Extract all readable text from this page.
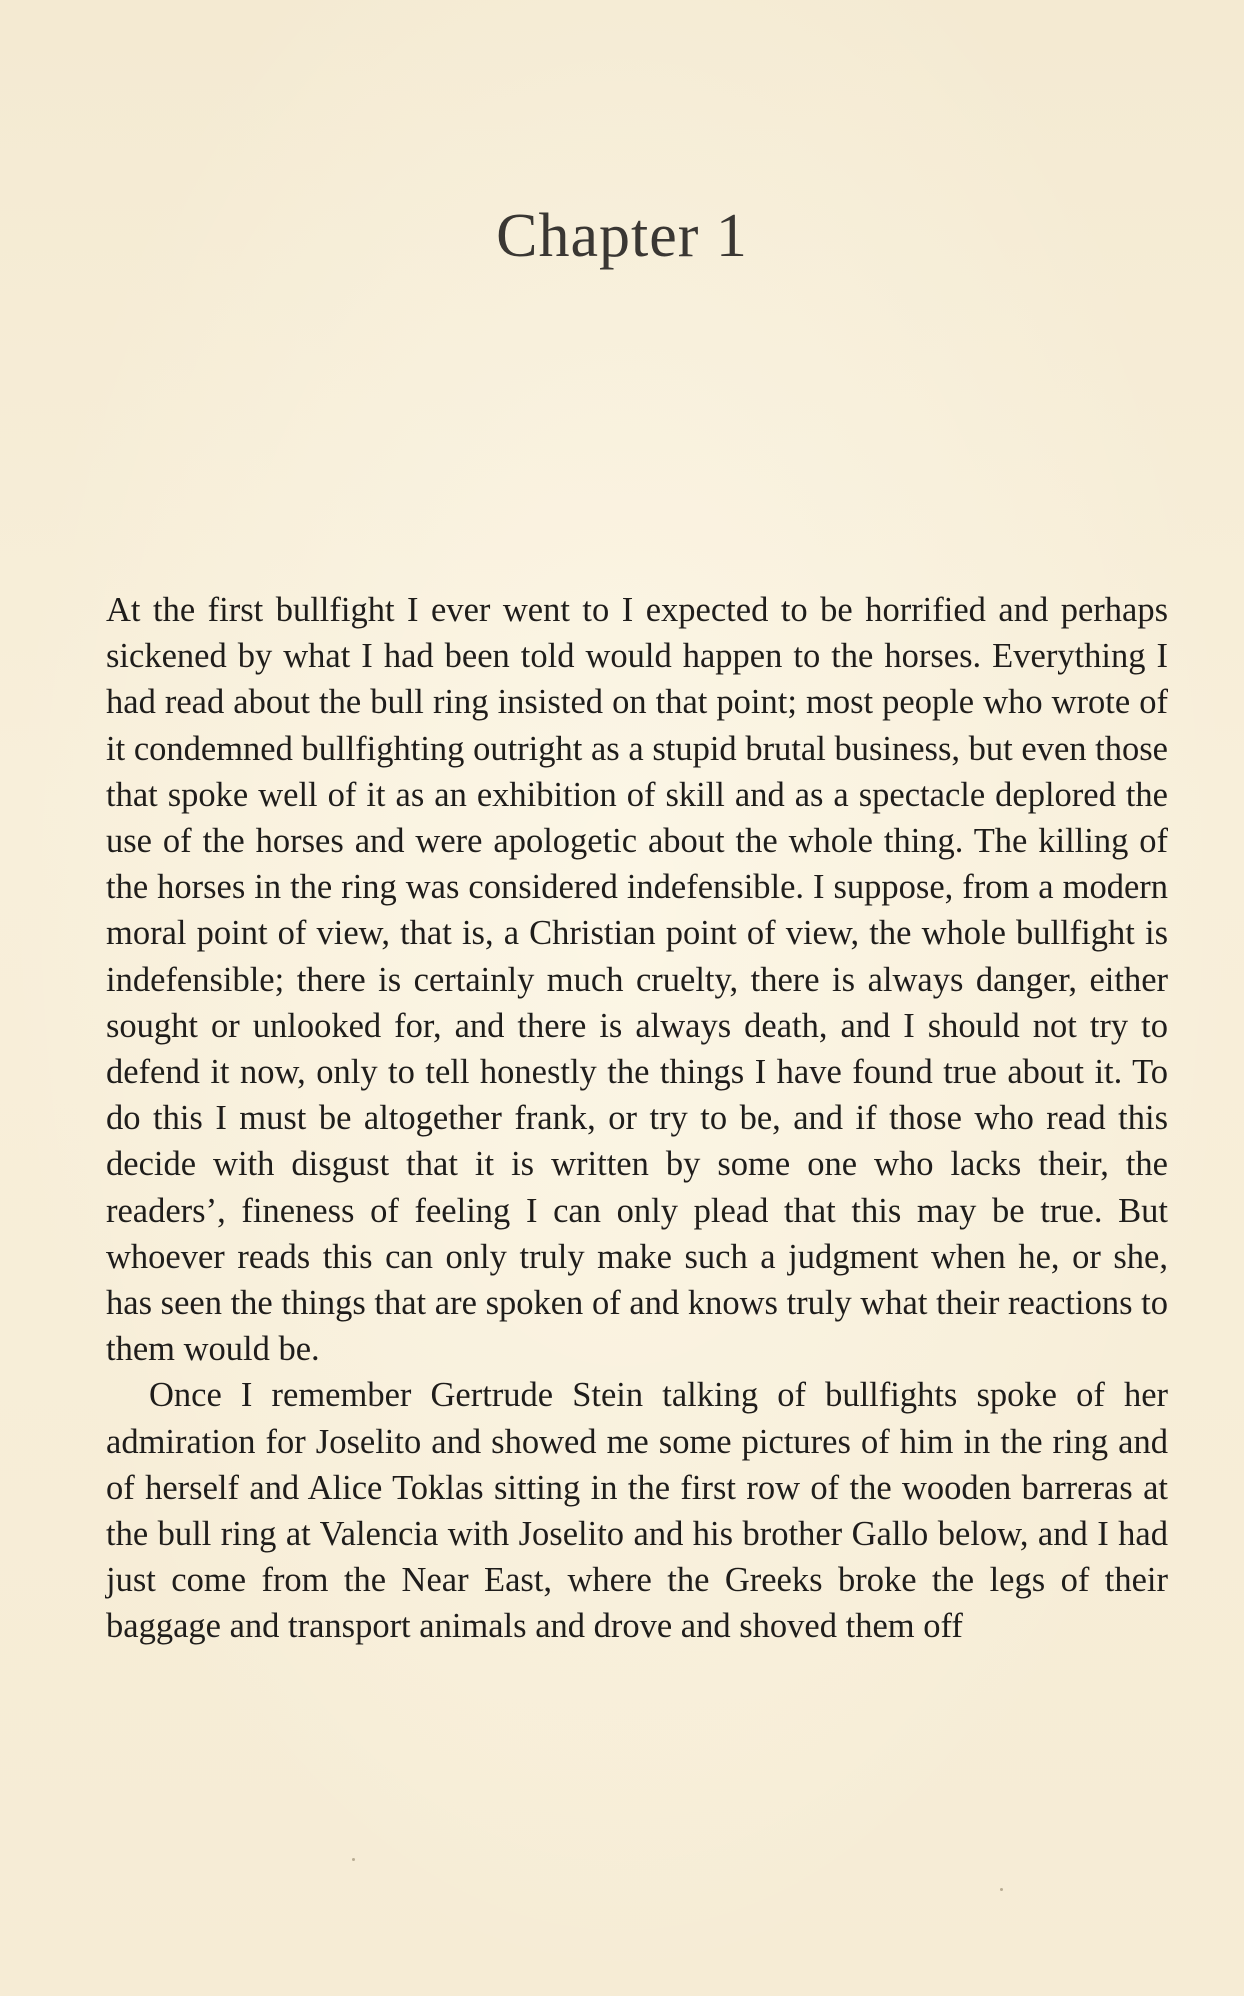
Chapter 1

At the first bullfight I ever went to I expected to be horrified and perhaps sickened by what I had been told would happen to the horses. Everything I had read about the bull ring insisted on that point; most people who wrote of it condemned bullfighting outright as a stupid brutal business, but even those that spoke well of it as an exhibition of skill and as a spectacle deplored the use of the horses and were apologetic about the whole thing. The killing of the horses in the ring was considered indefensible. I suppose, from a modern moral point of view, that is, a Christian point of view, the whole bullfight is indefensible; there is certainly much cruelty, there is always danger, either sought or unlooked for, and there is always death, and I should not try to defend it now, only to tell honestly the things I have found true about it. To do this I must be altogether frank, or try to be, and if those who read this decide with disgust that it is written by some one who lacks their, the readers’, fineness of feeling I can only plead that this may be true. But whoever reads this can only truly make such a judgment when he, or she, has seen the things that are spoken of and knows truly what their reactions to them would be.

Once I remember Gertrude Stein talking of bullfights spoke of her admiration for Joselito and showed me some pictures of him in the ring and of herself and Alice Toklas sitting in the first row of the wooden barreras at the bull ring at Valencia with Joselito and his brother Gallo below, and I had just come from the Near East, where the Greeks broke the legs of their baggage and transport animals and drove and shoved them off
